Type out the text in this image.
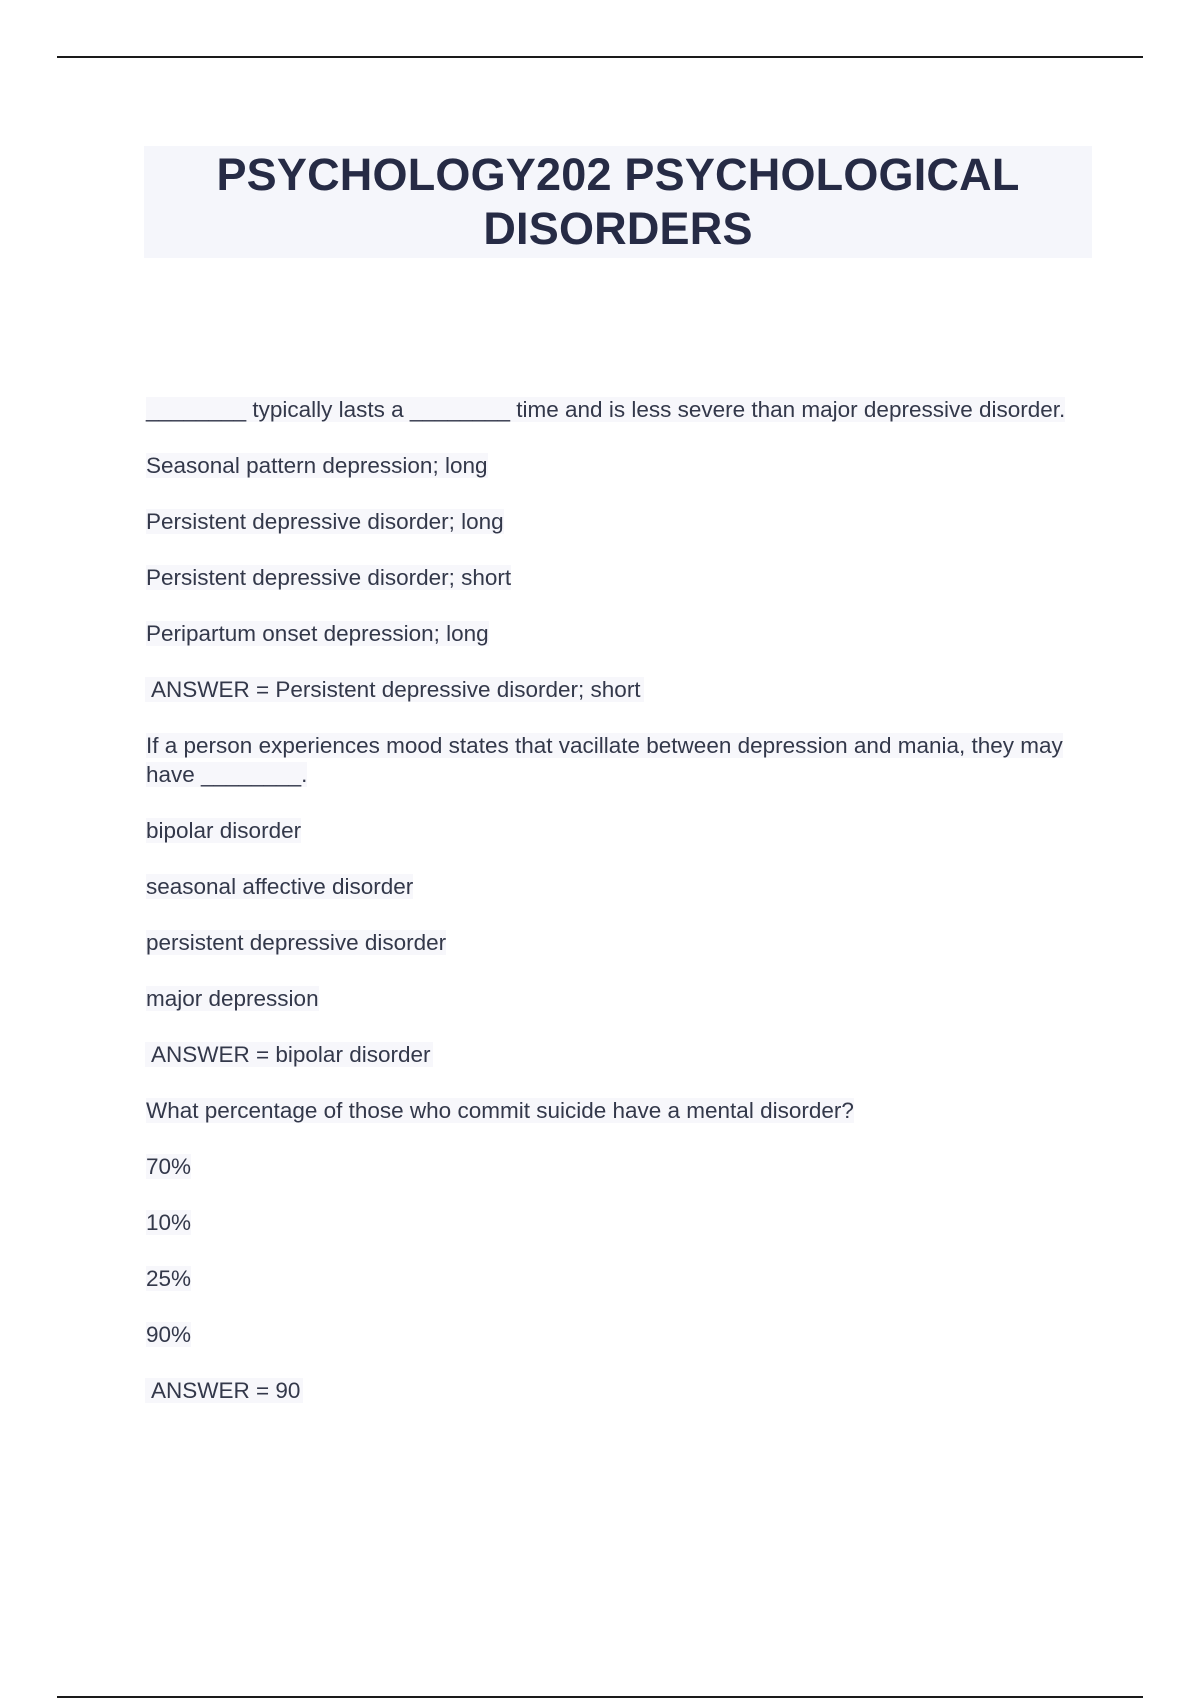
PSYCHOLOGY202 PSYCHOLOGICAL DISORDERS

________ typically lasts a ________ time and is less severe than major depressive disorder.

Seasonal pattern depression; long

Persistent depressive disorder; long

Persistent depressive disorder; short

Peripartum onset depression; long

ANSWER = Persistent depressive disorder; short

If a person experiences mood states that vacillate between depression and mania, they may have ________.

bipolar disorder

seasonal affective disorder

persistent depressive disorder

major depression

ANSWER = bipolar disorder

What percentage of those who commit suicide have a mental disorder?

70%

10%

25%

90%

ANSWER = 90
